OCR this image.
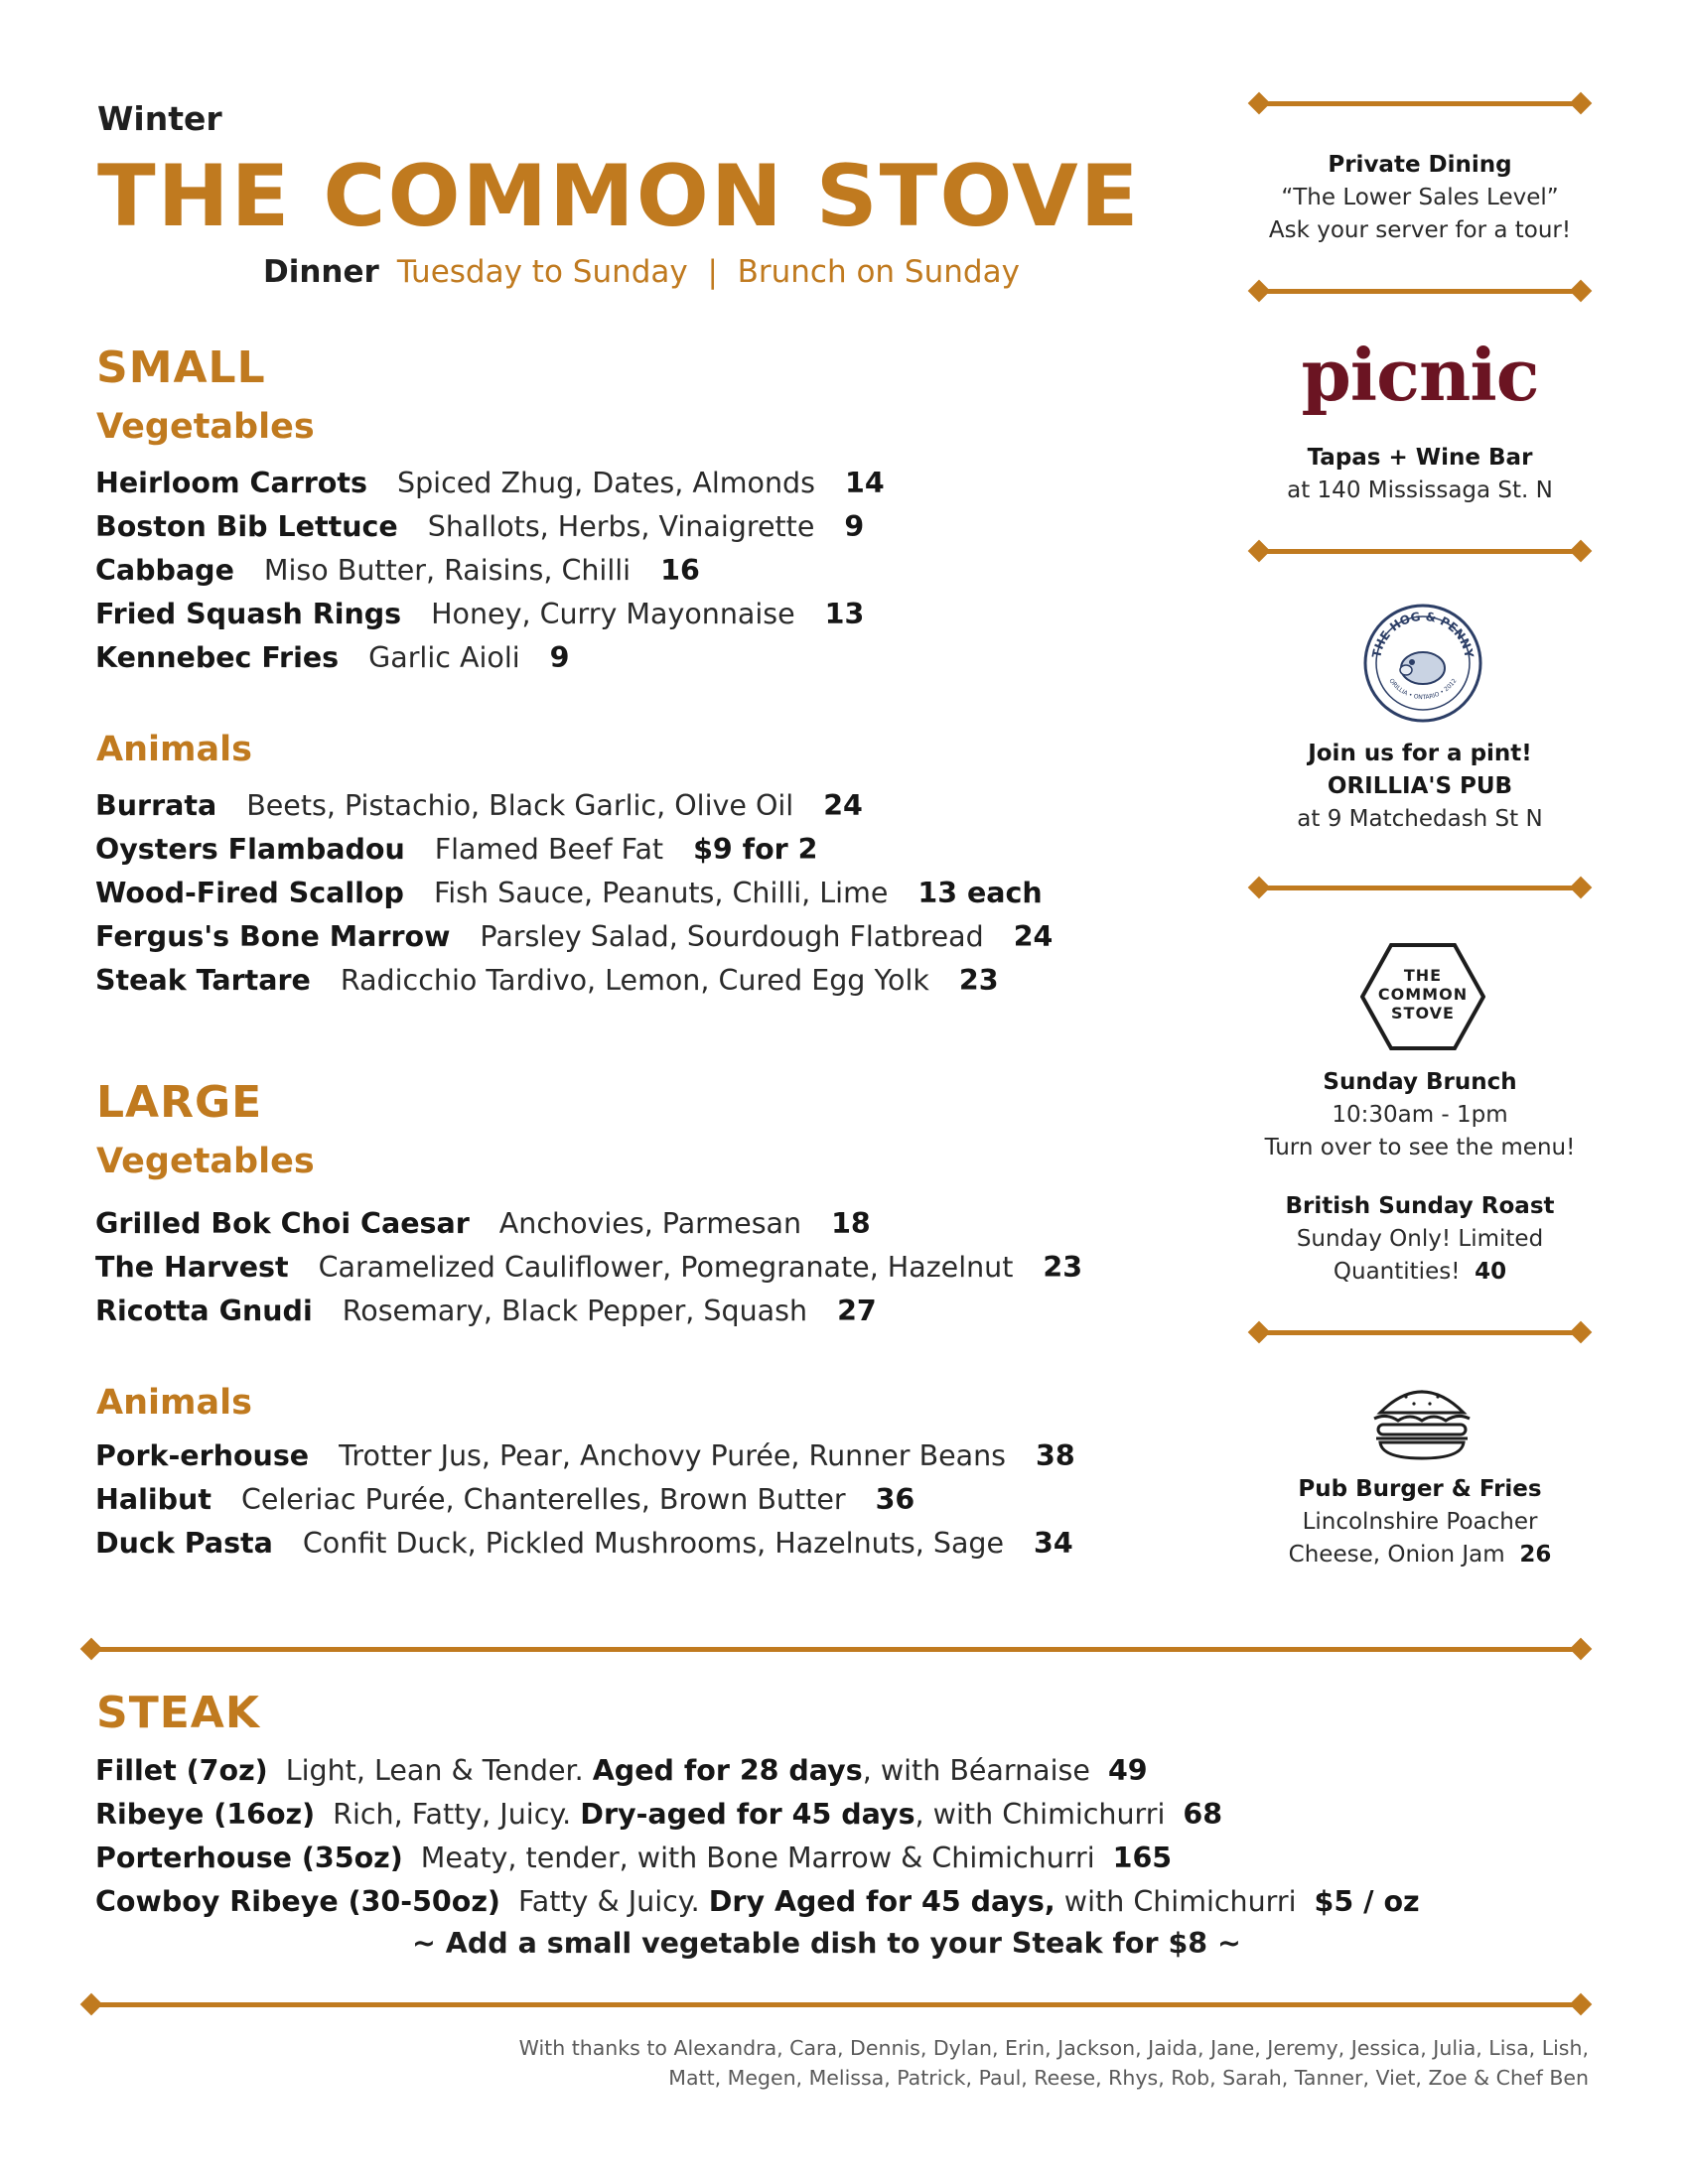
Winter
THE COMMON STOVE
Dinner Tuesday to Sunday  |  Brunch on Sunday
SMALL
Vegetables
Heirloom Carrots Spiced Zhug, Dates, Almonds 14
Boston Bib Lettuce Shallots, Herbs, Vinaigrette 9
Cabbage Miso Butter, Raisins, Chilli 16
Fried Squash Rings Honey, Curry Mayonnaise 13
Kennebec Fries Garlic Aioli 9
Animals
Burrata Beets, Pistachio, Black Garlic, Olive Oil 24
Oysters Flambadou Flamed Beef Fat $9 for 2
Wood-Fired Scallop Fish Sauce, Peanuts, Chilli, Lime 13 each
Fergus's Bone Marrow Parsley Salad, Sourdough Flatbread 24
Steak Tartare Radicchio Tardivo, Lemon, Cured Egg Yolk 23
LARGE
Vegetables
Grilled Bok Choi Caesar Anchovies, Parmesan 18
The Harvest Caramelized Cauliflower, Pomegranate, Hazelnut 23
Ricotta Gnudi Rosemary, Black Pepper, Squash 27
Animals
Pork-erhouse Trotter Jus, Pear, Anchovy Purée, Runner Beans 38
Halibut Celeriac Purée, Chanterelles, Brown Butter 36
Duck Pasta Confit Duck, Pickled Mushrooms, Hazelnuts, Sage 34
STEAK
Fillet (7oz) Light, Lean & Tender. Aged for 28 days, with Béarnaise 49
Ribeye (16oz) Rich, Fatty, Juicy. Dry-aged for 45 days, with Chimichurri 68
Porterhouse (35oz) Meaty, tender, with Bone Marrow & Chimichurri 165
Cowboy Ribeye (30-50oz) Fatty & Juicy. Dry Aged for 45 days, with Chimichurri $5 / oz
~ Add a small vegetable dish to your Steak for $8 ~
With thanks to Alexandra, Cara, Dennis, Dylan, Erin, Jackson, Jaida, Jane, Jeremy, Jessica, Julia, Lisa, Lish,
Matt, Megen, Melissa, Patrick, Paul, Reese, Rhys, Rob, Sarah, Tanner, Viet, Zoe & Chef Ben
Private Dining
“The Lower Sales Level”
Ask your server for a tour!
picnic
Tapas + Wine Bar
at 140 Mississaga St. N
THE HOG & PENNY
ORILLIA • ONTARIO • 2012
Join us for a pint!
ORILLIA'S PUB
at 9 Matchedash St N
THE
COMMON
STOVE
Sunday Brunch
10:30am - 1pm
Turn over to see the menu!
British Sunday Roast
Sunday Only! Limited
Quantities! 40
Pub Burger & Fries
Lincolnshire Poacher
Cheese, Onion Jam 26
